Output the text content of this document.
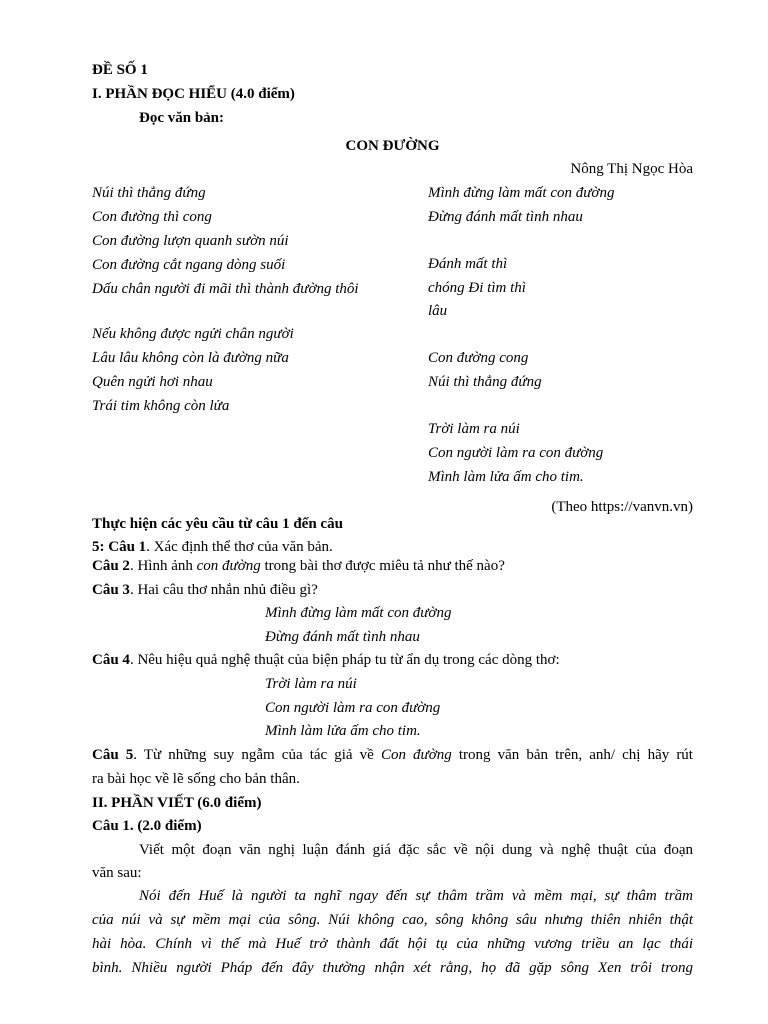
ĐỀ SỐ 1
I. PHẦN ĐỌC HIỂU (4.0 điểm)
Đọc văn bản:
CON ĐƯỜNG
Nông Thị Ngọc Hòa
Núi thì thẳng đứng
Con đường thì cong
Con đường lượn quanh sườn núi
Con đường cắt ngang dòng suối
Dấu chân người đi mãi thì thành đường thôi
Nếu không được ngửi chân người
Lâu lâu không còn là đường nữa
Quên ngửi hơi nhau
Trái tim không còn lửa
Mình đừng làm mất con đường
Đừng đánh mất tình nhau
Đánh mất thì
chóng Đi tìm thì
lâu
Con đường cong
Núi thì thẳng đứng
Trời làm ra núi
Con người làm ra con đường
Mình làm lửa ấm cho tim.
(Theo https://vanvn.vn)
Thực hiện các yêu cầu từ câu 1 đến câu
5: Câu 1. Xác định thể thơ của văn bản.
Câu 2. Hình ảnh con đường trong bài thơ được miêu tả như thế nào?
Câu 3. Hai câu thơ nhắn nhủ điều gì?
Mình đừng làm mất con đường
Đừng đánh mất tình nhau
Câu 4. Nêu hiệu quả nghệ thuật của biện pháp tu từ ẩn dụ trong các dòng thơ:
Trời làm ra núi
Con người làm ra con đường
Mình làm lửa ấm cho tim.
Câu 5. Từ những suy ngẫm của tác giả về Con đường trong văn bản trên, anh/ chị hãy rút
ra bài học về lẽ sống cho bản thân.
II. PHẦN VIẾT (6.0 điểm)
Câu 1. (2.0 điểm)
Viết một đoạn văn nghị luận đánh giá đặc sắc về nội dung và nghệ thuật của đoạn
văn sau:
Nói đến Huế là người ta nghĩ ngay đến sự thâm trầm và mềm mại, sự thâm trầm
của núi và sự mềm mại của sông. Núi không cao, sông không sâu nhưng thiên nhiên thật
hài hòa. Chính vì thế mà Huế trở thành đất hội tụ của những vương triều an lạc thái
bình. Nhiều người Pháp đến đây thường nhận xét rằng, họ đã gặp sông Xen trôi trong
